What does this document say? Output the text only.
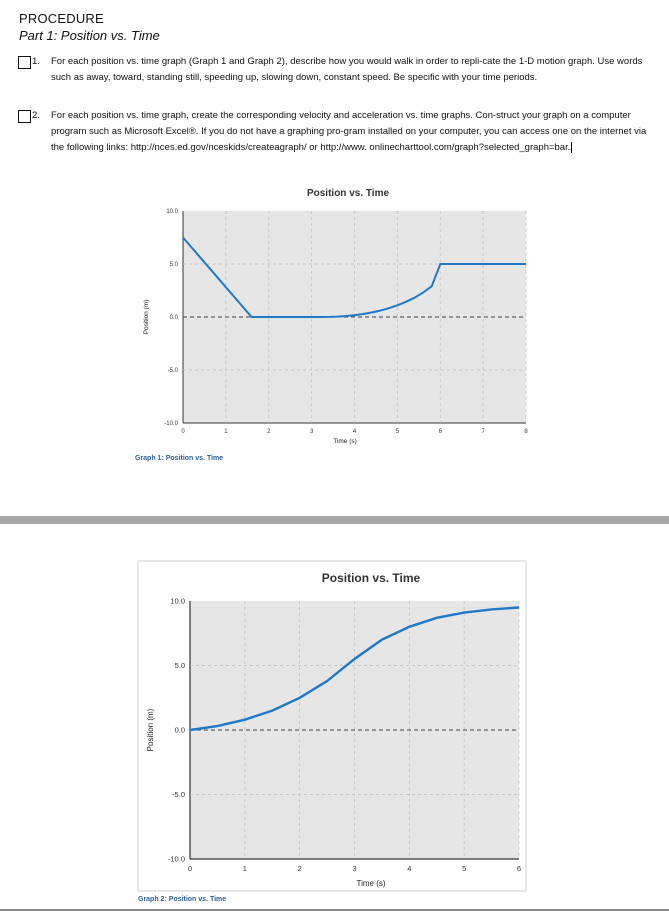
PROCEDURE
Part 1: Position vs. Time
1. For each position vs. time graph (Graph 1 and Graph 2), describe how you would walk in order to repli-cate the 1-D motion graph. Use words such as away, toward, standing still, speeding up, slowing down, constant speed. Be specific with your time periods.
2. For each position vs. time graph, create the corresponding velocity and acceleration vs. time graphs. Con-struct your graph on a computer program such as Microsoft Excel®. If you do not have a graphing pro-gram installed on your computer, you can access one on the internet via the following links: http://nces.ed.gov/nceskids/createagraph/ or http://www. onlinecharttool.com/graph?selected_graph=bar.
Position vs. Time
0	1	2	3	4	5	6	7	8
10.0
5.0
0.0
-5.0
-10.0
Time (s)
Position (m)
Graph 1: Position vs. Time
Position vs. Time
0	1	2	3	4	5	6
10.0
5.0
0.0
-5.0
-10.0
Time (s)
Position (m)
Graph 2: Position vs. Time
